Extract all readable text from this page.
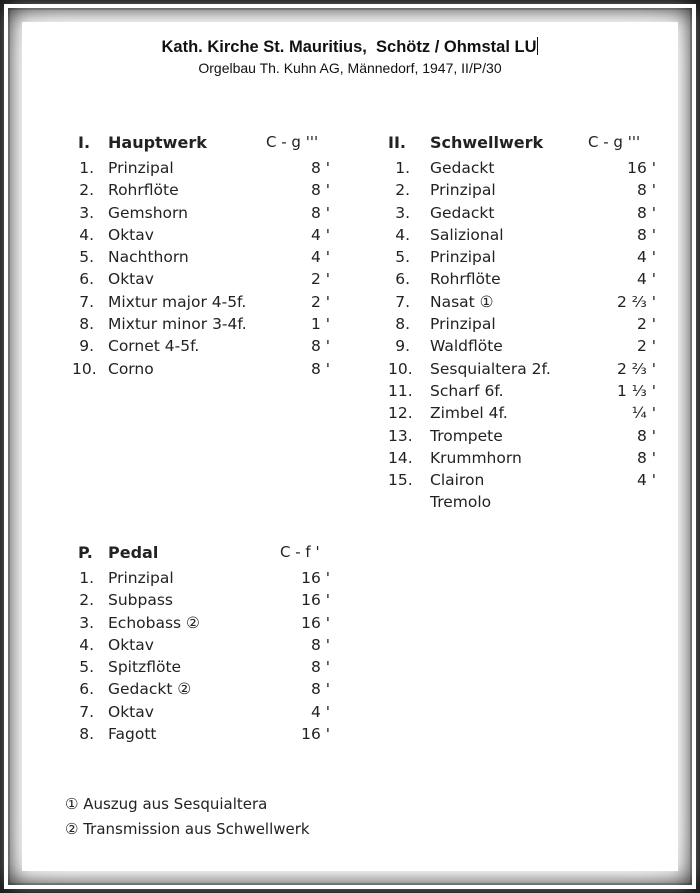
Kath. Kirche St. Mauritius,  Schötz / Ohmstal LU
Orgelbau Th. Kuhn AG, Männedorf, 1947, II/P/30
I. Hauptwerk	C - g '''
1. Prinzipal	8 '
2. Rohrflöte	8 '
3. Gemshorn	8 '
4. Oktav	4 '
5. Nachthorn	4 '
6. Oktav	2 '
7. Mixtur major 4-5f.	2 '
8. Mixtur minor 3-4f.	1 '
9. Cornet 4-5f.	8 '
10. Corno	8 '
II. Schwellwerk	C - g '''
1. Gedackt	16 '
2. Prinzipal	8 '
3. Gedackt	8 '
4. Salizional	8 '
5. Prinzipal	4 '
6. Rohrflöte	4 '
7. Nasat ①	2 ⅔ '
8. Prinzipal	2 '
9. Waldflöte	2 '
10. Sesquialtera 2f.	2 ⅔ '
11. Scharf 6f.	1 ⅓ '
12. Zimbel 4f.	¼ '
13. Trompete	8 '
14. Krummhorn	8 '
15. Clairon	4 '
Tremolo
P. Pedal	C - f '
1. Prinzipal	16 '
2. Subpass	16 '
3. Echobass ②	16 '
4. Oktav	8 '
5. Spitzflöte	8 '
6. Gedackt ②	8 '
7. Oktav	4 '
8. Fagott	16 '
① Auszug aus Sesquialtera
② Transmission aus Schwellwerk
